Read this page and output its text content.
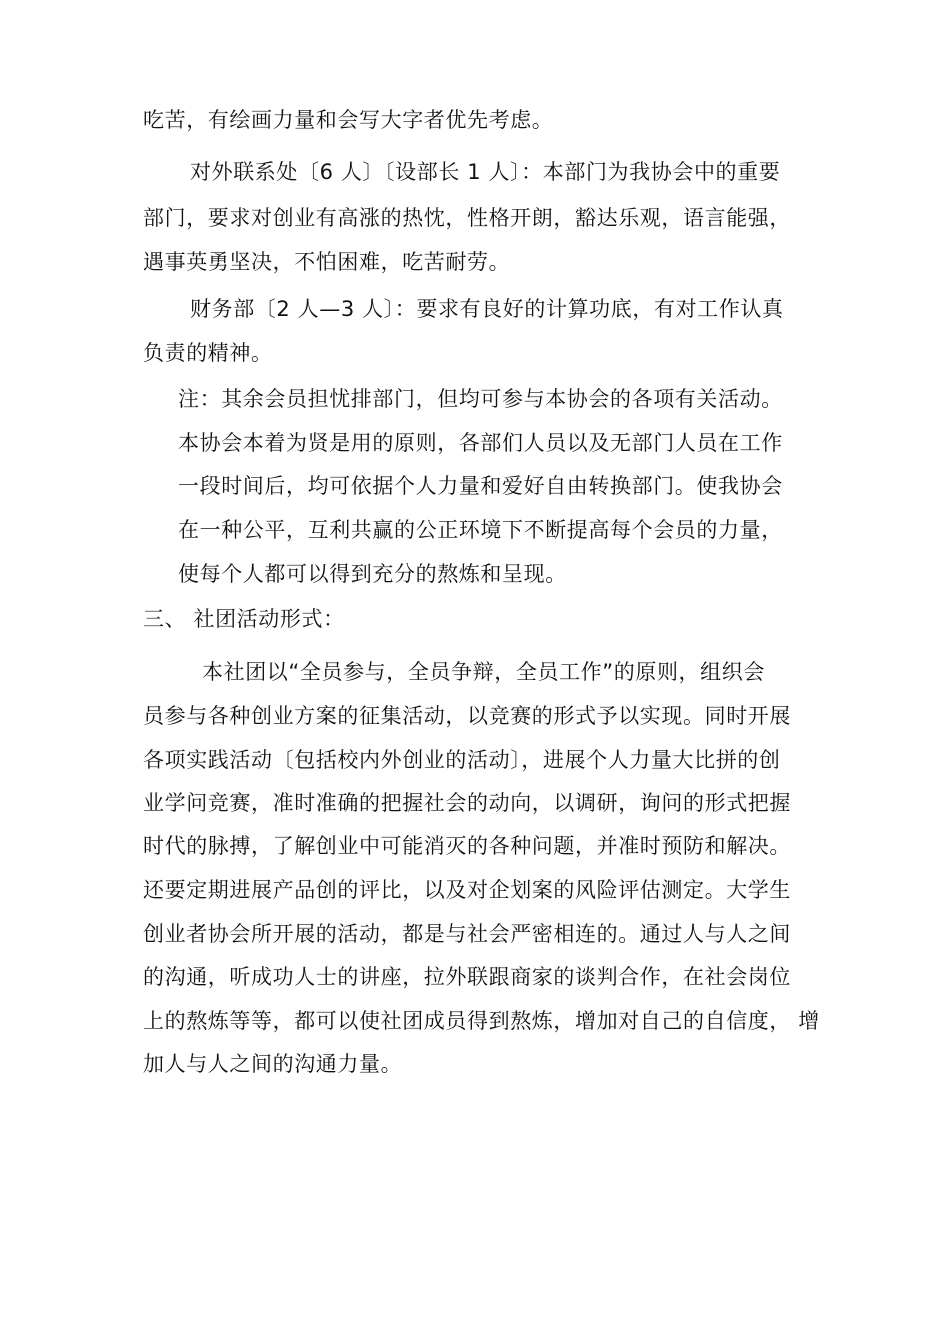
吃苦，有绘画力量和会写大字者优先考虑。
对外联系处〔6 人〕〔设部长 1 人〕：本部门为我协会中的重要
部门，要求对创业有高涨的热忱，性格开朗，豁达乐观，语言能强，
遇事英勇坚决，不怕困难，吃苦耐劳。
财务部〔2 人—3 人〕：要求有良好的计算功底，有对工作认真
负责的精神。
注：其余会员担忧排部门，但均可参与本协会的各项有关活动。
本协会本着为贤是用的原则，各部们人员以及无部门人员在工作
一段时间后，均可依据个人力量和爱好自由转换部门。使我协会
在一种公平，互利共赢的公正环境下不断提高每个会员的力量，
使每个人都可以得到充分的熬炼和呈现。
三、 社团活动形式：
本社团以“全员参与，全员争辩，全员工作”的原则，组织会
员参与各种创业方案的征集活动，以竞赛的形式予以实现。同时开展
各项实践活动〔包括校内外创业的活动〕，进展个人力量大比拼的创
业学问竞赛，准时准确的把握社会的动向，以调研，询问的形式把握
时代的脉搏，了解创业中可能消灭的各种问题，并准时预防和解决。
还要定期进展产品创的评比，以及对企划案的风险评估测定。大学生
创业者协会所开展的活动，都是与社会严密相连的。通过人与人之间
的沟通，听成功人士的讲座，拉外联跟商家的谈判合作，在社会岗位
上的熬炼等等，都可以使社团成员得到熬炼，增加对自己的自信度， 增
加人与人之间的沟通力量。
